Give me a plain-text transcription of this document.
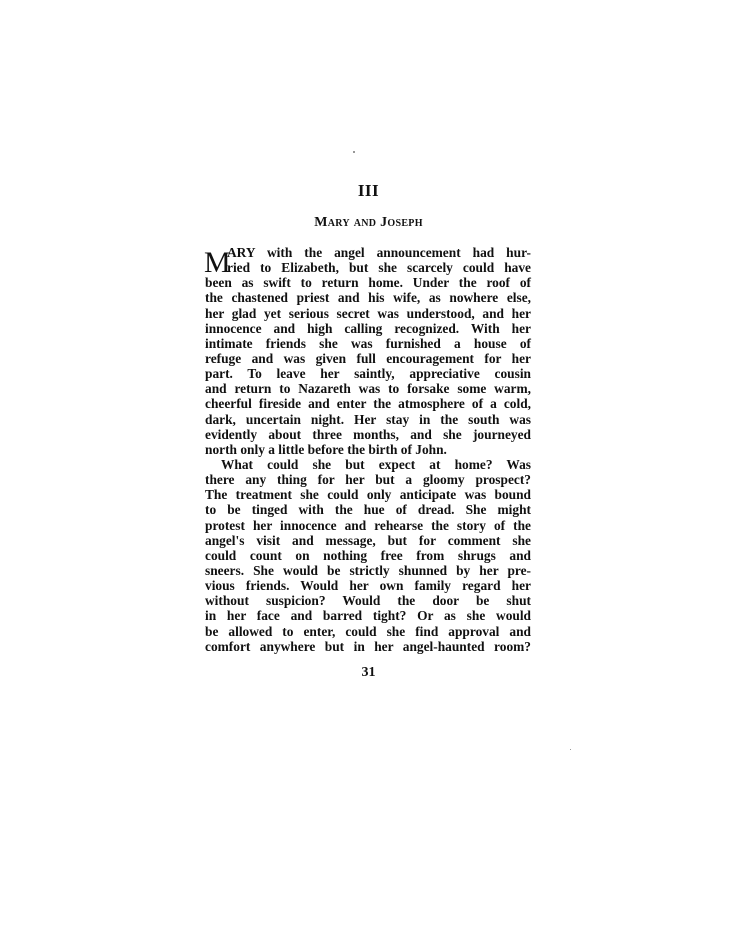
III
Mary and Joseph
M
ARY with the angel announcement had hur-
ried to Elizabeth, but she scarcely could have
been as swift to return home. Under the roof of
the chastened priest and his wife, as nowhere else,
her glad yet serious secret was understood, and her
innocence and high calling recognized. With her
intimate friends she was furnished a house of
refuge and was given full encouragement for her
part. To leave her saintly, appreciative cousin
and return to Nazareth was to forsake some warm,
cheerful fireside and enter the atmosphere of a cold,
dark, uncertain night. Her stay in the south was
evidently about three months, and she journeyed
north only a little before the birth of John.
What could she but expect at home? Was
there any thing for her but a gloomy prospect?
The treatment she could only anticipate was bound
to be tinged with the hue of dread. She might
protest her innocence and rehearse the story of the
angel's visit and message, but for comment she
could count on nothing free from shrugs and
sneers. She would be strictly shunned by her pre-
vious friends. Would her own family regard her
without suspicion? Would the door be shut
in her face and barred tight? Or as she would
be allowed to enter, could she find approval and
comfort anywhere but in her angel-haunted room?
31
